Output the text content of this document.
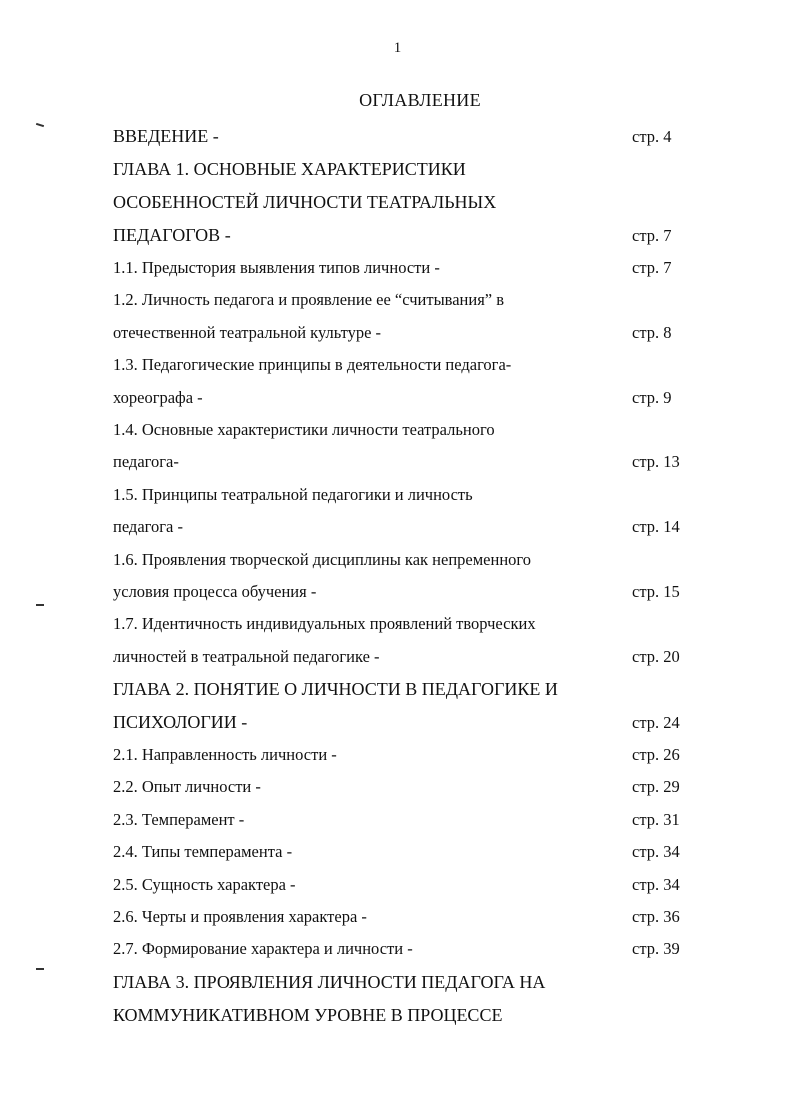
1
ОГЛАВЛЕНИЕ
ВВЕДЕНИЕ -	стр. 4
ГЛАВА 1. ОСНОВНЫЕ ХАРАКТЕРИСТИКИ
ОСОБЕННОСТЕЙ ЛИЧНОСТИ ТЕАТРАЛЬНЫХ
ПЕДАГОГОВ -	стр. 7
1.1. Предыстория выявления типов личности -	стр. 7
1.2. Личность педагога и проявление ее “считывания” в
отечественной театральной культуре -	стр. 8
1.3. Педагогические принципы в деятельности педагога-
хореографа -	стр. 9
1.4. Основные характеристики личности театрального
педагога-	стр. 13
1.5. Принципы театральной педагогики и личность
педагога -	стр. 14
1.6. Проявления творческой дисциплины как непременного
условия процесса обучения -	стр. 15
1.7. Идентичность индивидуальных проявлений творческих
личностей в театральной педагогике -	стр. 20
ГЛАВА 2. ПОНЯТИЕ О ЛИЧНОСТИ В ПЕДАГОГИКЕ И
ПСИХОЛОГИИ -	стр. 24
2.1. Направленность личности -	стр. 26
2.2. Опыт личности -	стр. 29
2.3. Темперамент -	стр. 31
2.4. Типы темперамента -	стр. 34
2.5. Сущность характера -	стр. 34
2.6. Черты и проявления характера -	стр. 36
2.7. Формирование характера и личности -	стр. 39
ГЛАВА 3. ПРОЯВЛЕНИЯ ЛИЧНОСТИ ПЕДАГОГА НА
КОММУНИКАТИВНОМ УРОВНЕ В ПРОЦЕССЕ
